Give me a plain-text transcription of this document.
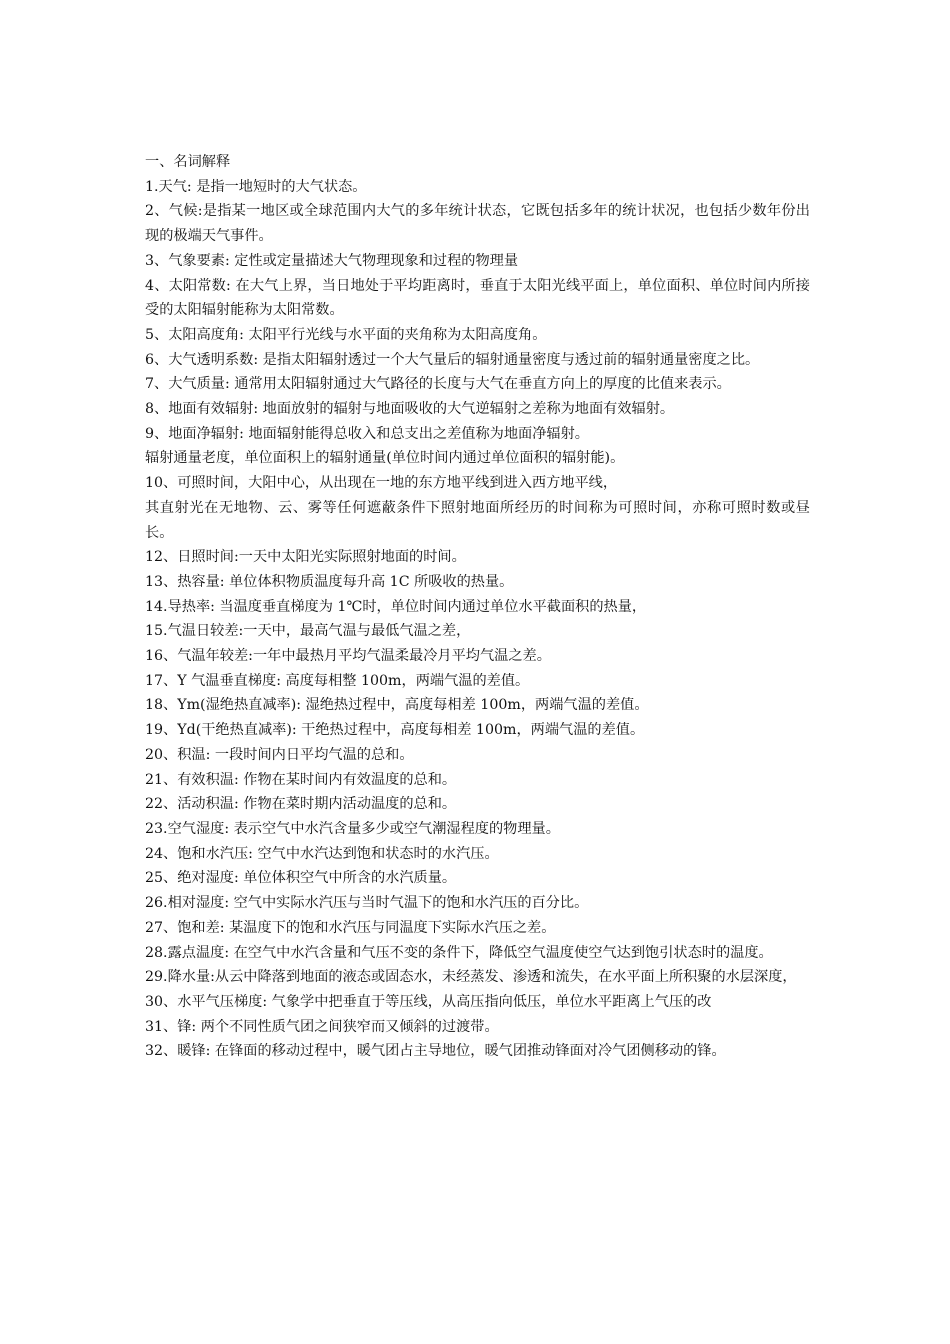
一、名词解释

1.天气: 是指一地短时的大气状态。

2、气候:是指某一地区或全球范围内大气的多年统计状态，它既包括多年的统计状况，也包括少数年份出现的极端天气事件。

3、气象要素: 定性或定量描述大气物理现象和过程的物理量

4、太阳常数: 在大气上界，当日地处于平均距离时，垂直于太阳光线平面上，单位面积、单位时间内所接受的太阳辐射能称为太阳常数。

5、太阳高度角: 太阳平行光线与水平面的夹角称为太阳高度角。

6、大气透明系数: 是指太阳辐射透过一个大气量后的辐射通量密度与透过前的辐射通量密度之比。

7、大气质量: 通常用太阳辐射通过大气路径的长度与大气在垂直方向上的厚度的比值来表示。

8、地面有效辐射: 地面放射的辐射与地面吸收的大气逆辐射之差称为地面有效辐射。

9、地面净辐射: 地面辐射能得总收入和总支出之差值称为地面净辐射。

辐射通量老度，单位面积上的辐射通量(单位时间内通过单位面积的辐射能)。

10、可照时间，大阳中心，从出现在一地的东方地平线到进入西方地平线，

其直射光在无地物、云、雾等任何遮蔽条件下照射地面所经历的时间称为可照时间，亦称可照时数或昼长。

12、日照时间:一天中太阳光实际照射地面的时间。

13、热容量: 单位体积物质温度每升高 1C 所吸收的热量。

14.导热率: 当温度垂直梯度为 1℃时，单位时间内通过单位水平截面积的热量，

15.气温日较差:一天中，最高气温与最低气温之差，

16、气温年较差:一年中最热月平均气温柔最冷月平均气温之差。

17、Y 气温垂直梯度: 高度每相整 100m，两端气温的差值。

18、Ym(湿绝热直减率): 湿绝热过程中，高度每相差 100m，两端气温的差值。

19、Yd(干绝热直减率): 干绝热过程中，高度每相差 100m，两端气温的差值。

20、积温: 一段时间内日平均气温的总和。

21、有效积温: 作物在某时间内有效温度的总和。

22、活动积温: 作物在菜时期内活动温度的总和。

23.空气湿度: 表示空气中水汽含量多少或空气潮湿程度的物理量。

24、饱和水汽压: 空气中水汽达到饱和状态时的水汽压。

25、绝对湿度: 单位体积空气中所含的水汽质量。

26.相对湿度: 空气中实际水汽压与当时气温下的饱和水汽压的百分比。

27、饱和差: 某温度下的饱和水汽压与同温度下实际水汽压之差。

28.露点温度: 在空气中水汽含量和气压不变的条件下，降低空气温度使空气达到饱引状态时的温度。

29.降水量:从云中降落到地面的液态或固态水，未经蒸发、渗透和流失，在水平面上所积聚的水层深度，

30、水平气压梯度: 气象学中把垂直于等压线，从高压指向低压，单位水平距离上气压的改

31、锋: 两个不同性质气团之间狭窄而又倾斜的过渡带。

32、暖锋: 在锋面的移动过程中，暖气团占主导地位，暖气团推动锋面对冷气团侧移动的锋。
